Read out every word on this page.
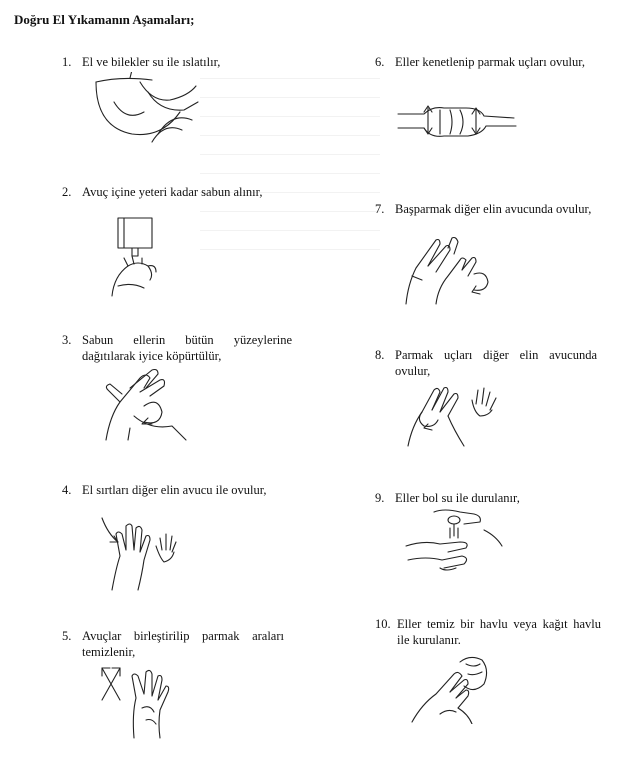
Doğru El Yıkamanın Aşamaları;
1. El ve bilekler su ile ıslatılır,
2. Avuç içine yeteri kadar sabun alınır,
3. Sabun ellerin bütün yüzeylerine dağıtılarak iyice köpürtülür,
4. El sırtları diğer elin avucu ile ovulur,
5. Avuçlar birleştirilip parmak araları temizlenir,
6. Eller kenetlenip parmak uçları ovulur,
7. Başparmak diğer elin avucunda ovulur,
8. Parmak uçları diğer elin avucunda ovulur,
9. Eller bol su ile durulanır,
10. Eller temiz bir havlu veya kağıt havlu ile kurulanır.
